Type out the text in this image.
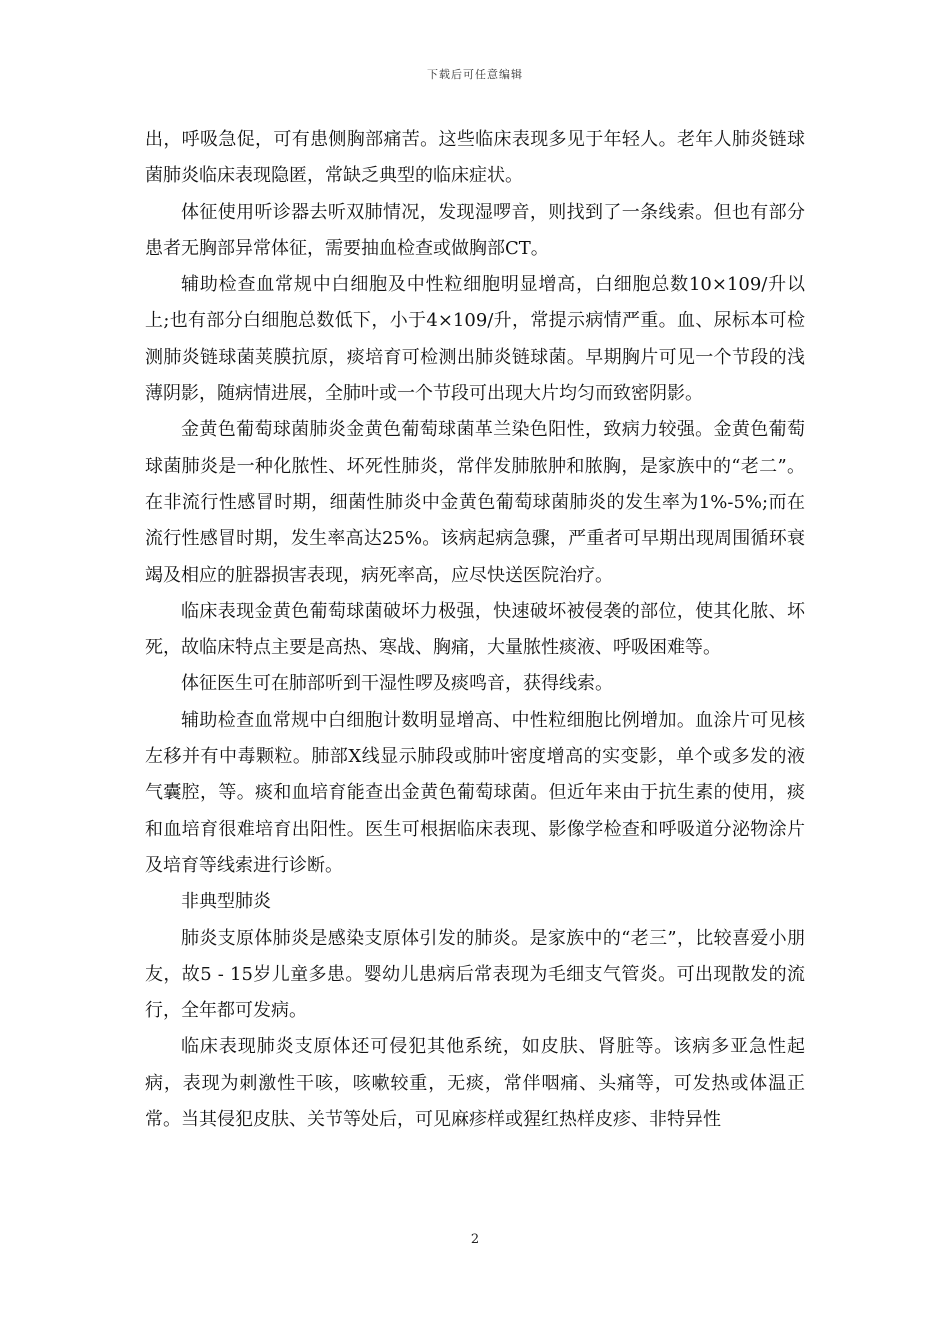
下载后可任意编辑

出，呼吸急促，可有患侧胸部痛苦。这些临床表现多见于年轻人。老年人肺炎链球菌肺炎临床表现隐匿，常缺乏典型的临床症状。

体征使用听诊器去听双肺情况，发现湿啰音，则找到了一条线索。但也有部分患者无胸部异常体征，需要抽血检查或做胸部CT。

辅助检查血常规中白细胞及中性粒细胞明显增高，白细胞总数10×109/升以上;也有部分白细胞总数低下，小于4×109/升，常提示病情严重。血、尿标本可检测肺炎链球菌荚膜抗原，痰培育可检测出肺炎链球菌。早期胸片可见一个节段的浅薄阴影，随病情进展，全肺叶或一个节段可出现大片均匀而致密阴影。

金黄色葡萄球菌肺炎金黄色葡萄球菌革兰染色阳性，致病力较强。金黄色葡萄球菌肺炎是一种化脓性、坏死性肺炎，常伴发肺脓肿和脓胸，是家族中的“老二”。在非流行性感冒时期，细菌性肺炎中金黄色葡萄球菌肺炎的发生率为1%-5%;而在流行性感冒时期，发生率高达25%。该病起病急骤，严重者可早期出现周围循环衰竭及相应的脏器损害表现，病死率高，应尽快送医院治疗。

临床表现金黄色葡萄球菌破坏力极强，快速破坏被侵袭的部位，使其化脓、坏死，故临床特点主要是高热、寒战、胸痛，大量脓性痰液、呼吸困难等。

体征医生可在肺部听到干湿性啰及痰鸣音，获得线索。

辅助检查血常规中白细胞计数明显增高、中性粒细胞比例增加。血涂片可见核左移并有中毒颗粒。肺部X线显示肺段或肺叶密度增高的实变影，单个或多发的液气囊腔，等。痰和血培育能查出金黄色葡萄球菌。但近年来由于抗生素的使用，痰和血培育很难培育出阳性。医生可根据临床表现、影像学检查和呼吸道分泌物涂片及培育等线索进行诊断。

非典型肺炎

肺炎支原体肺炎是感染支原体引发的肺炎。是家族中的“老三”，比较喜爱小朋友，故5 - 15岁儿童多患。婴幼儿患病后常表现为毛细支气管炎。可出现散发的流行，全年都可发病。

临床表现肺炎支原体还可侵犯其他系统，如皮肤、肾脏等。该病多亚急性起病，表现为刺激性干咳，咳嗽较重，无痰，常伴咽痛、头痛等，可发热或体温正常。当其侵犯皮肤、关节等处后，可见麻疹样或猩红热样皮疹、非特异性

2
